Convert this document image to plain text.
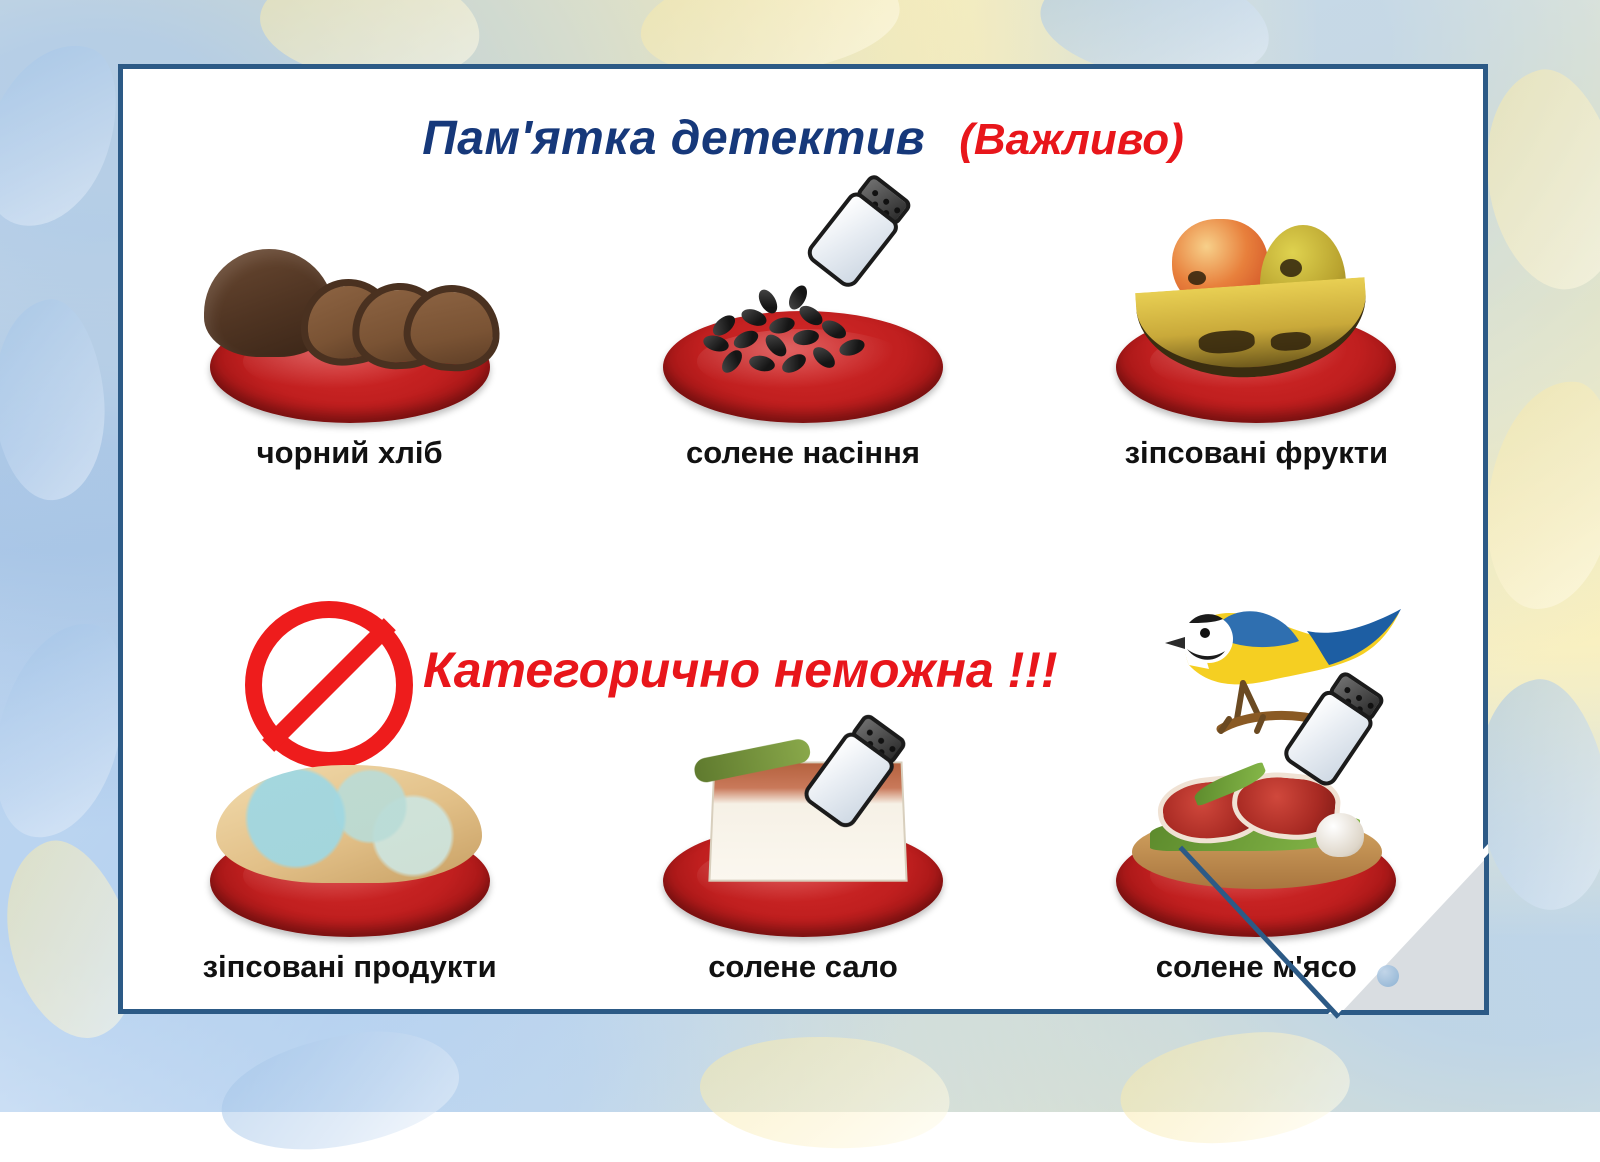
Пам'ятка детектив (Важливо)
чорний хліб	солене насіння	зіпсовані фрукти
Категорично неможна !!!
зіпсовані продукти	солене сало	солене м'ясо
